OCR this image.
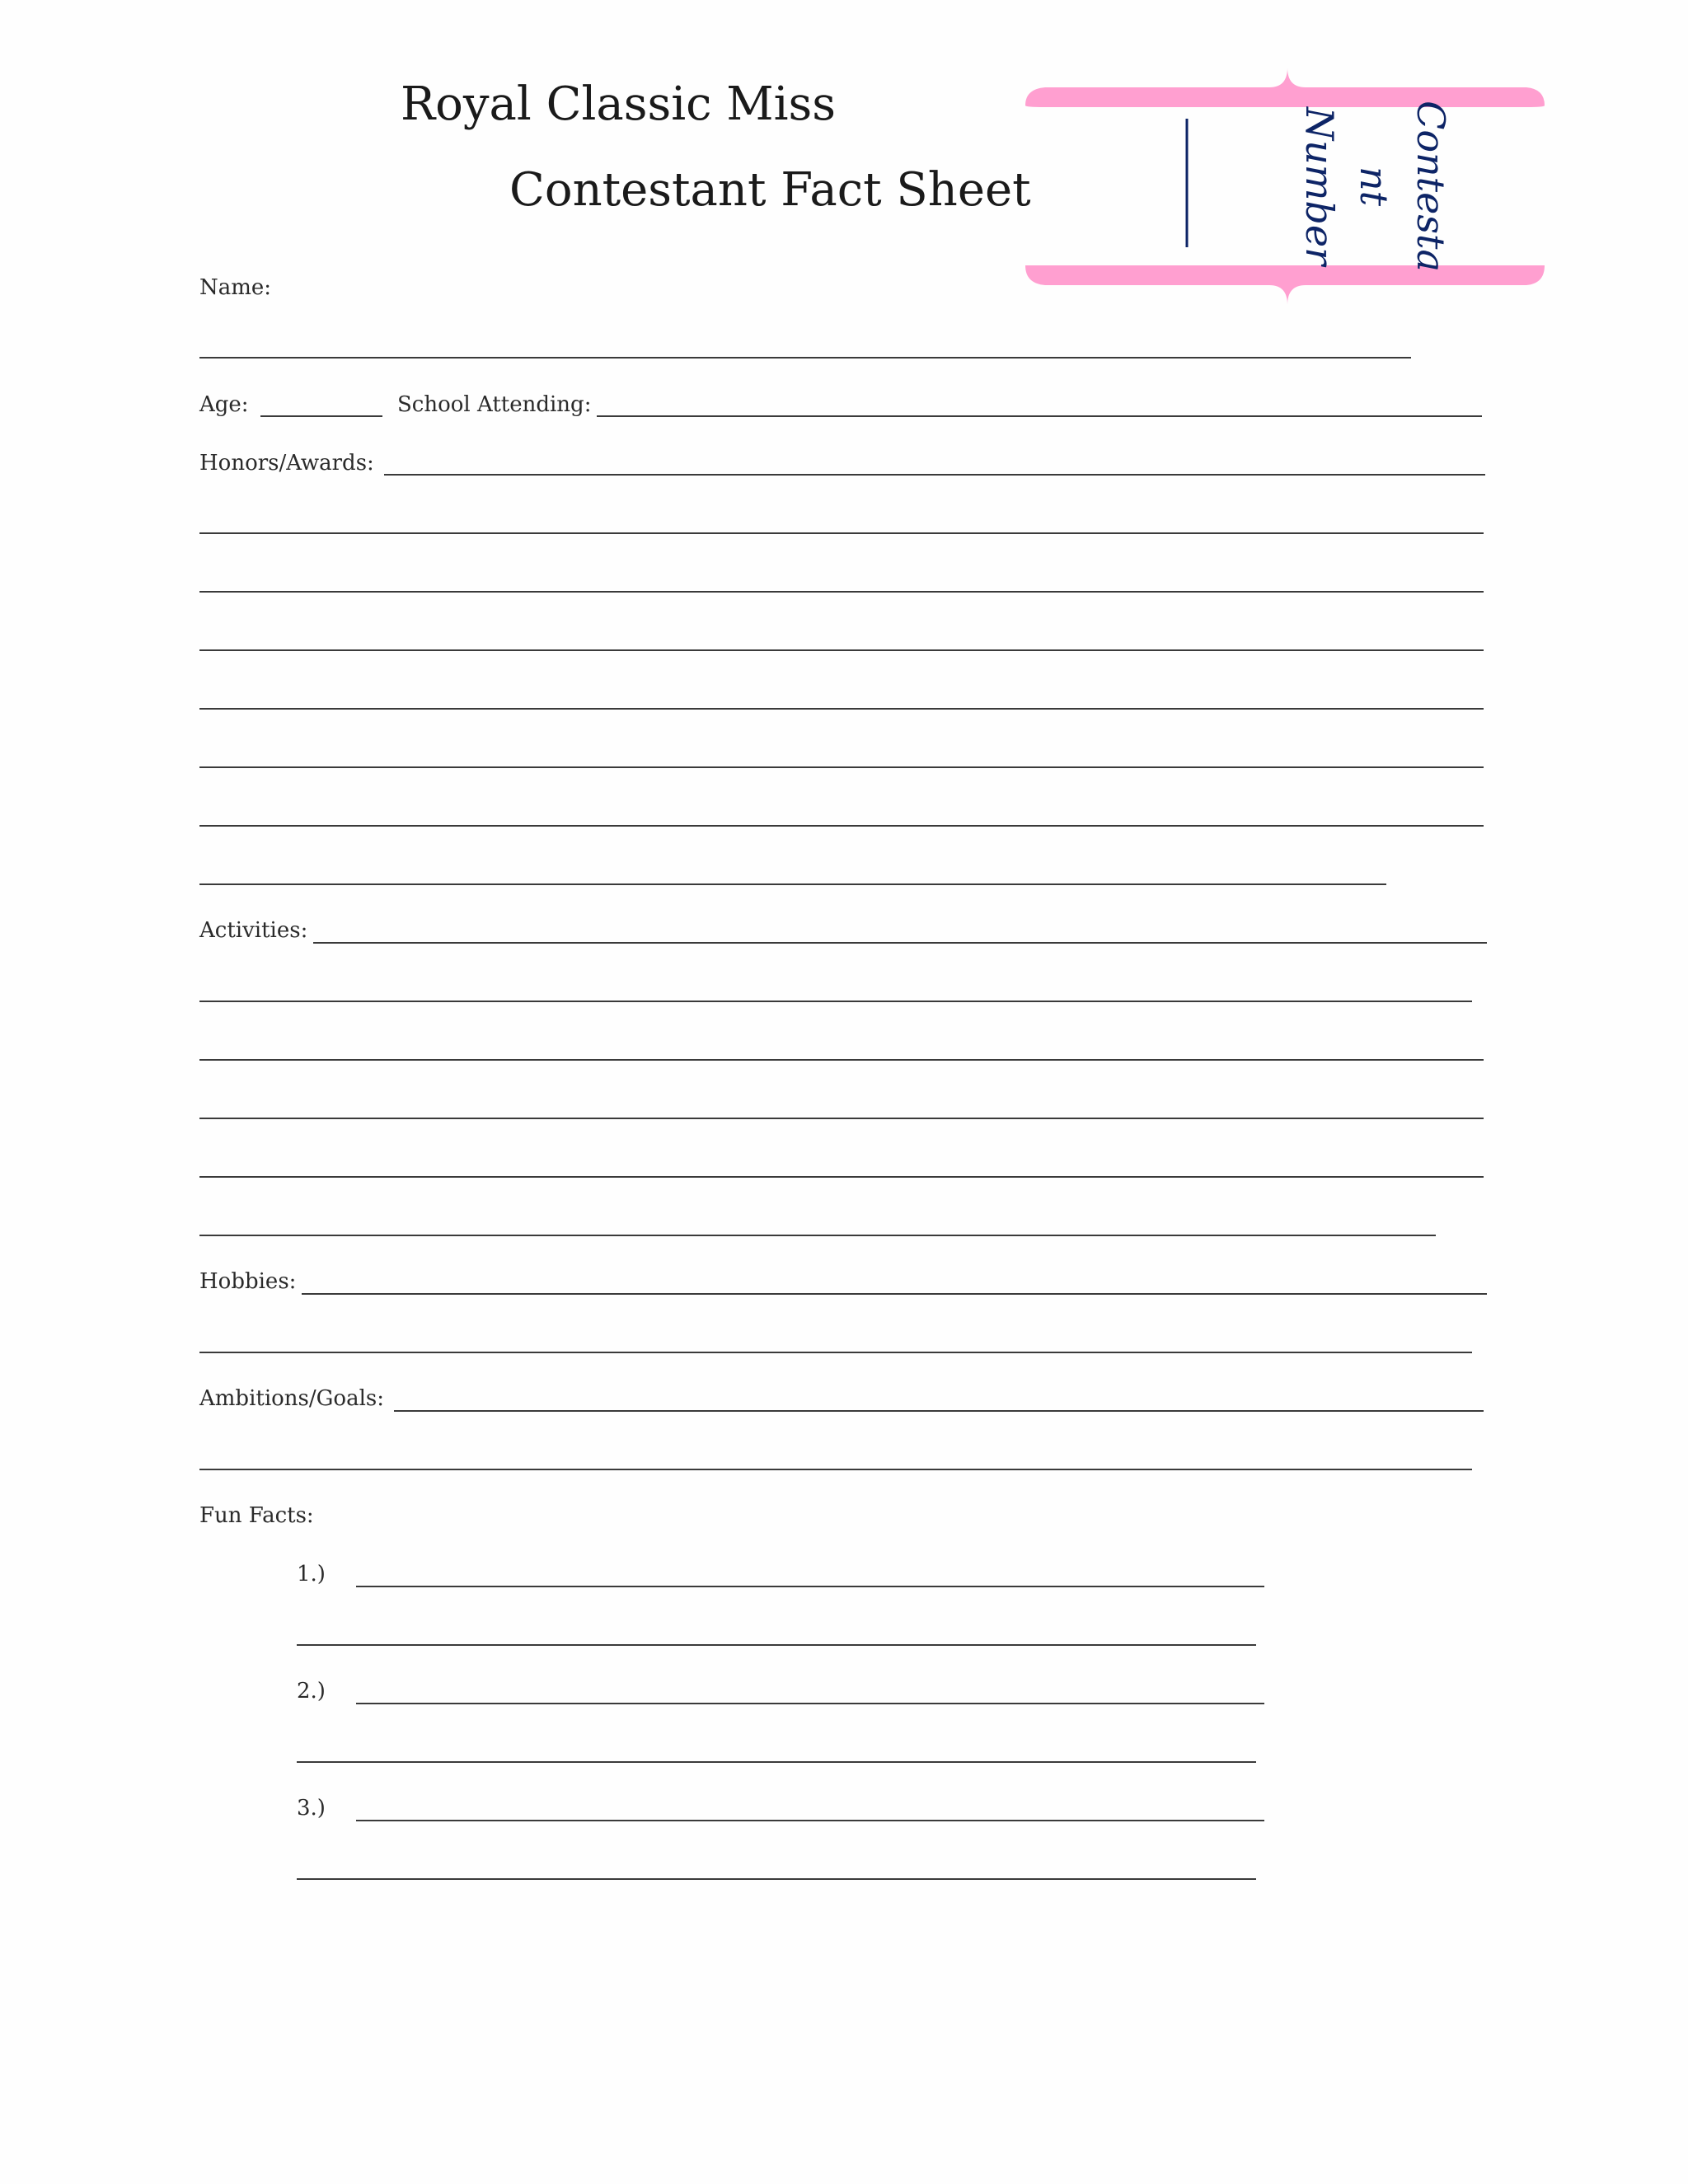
Royal Classic Miss
Contestant Fact Sheet	Contesta
nt
Number
Name:
Age:	School Attending:
Honors/Awards:
Activities:
Hobbies:
Ambitions/Goals:
Fun Facts:
1.)
2.)
3.)
